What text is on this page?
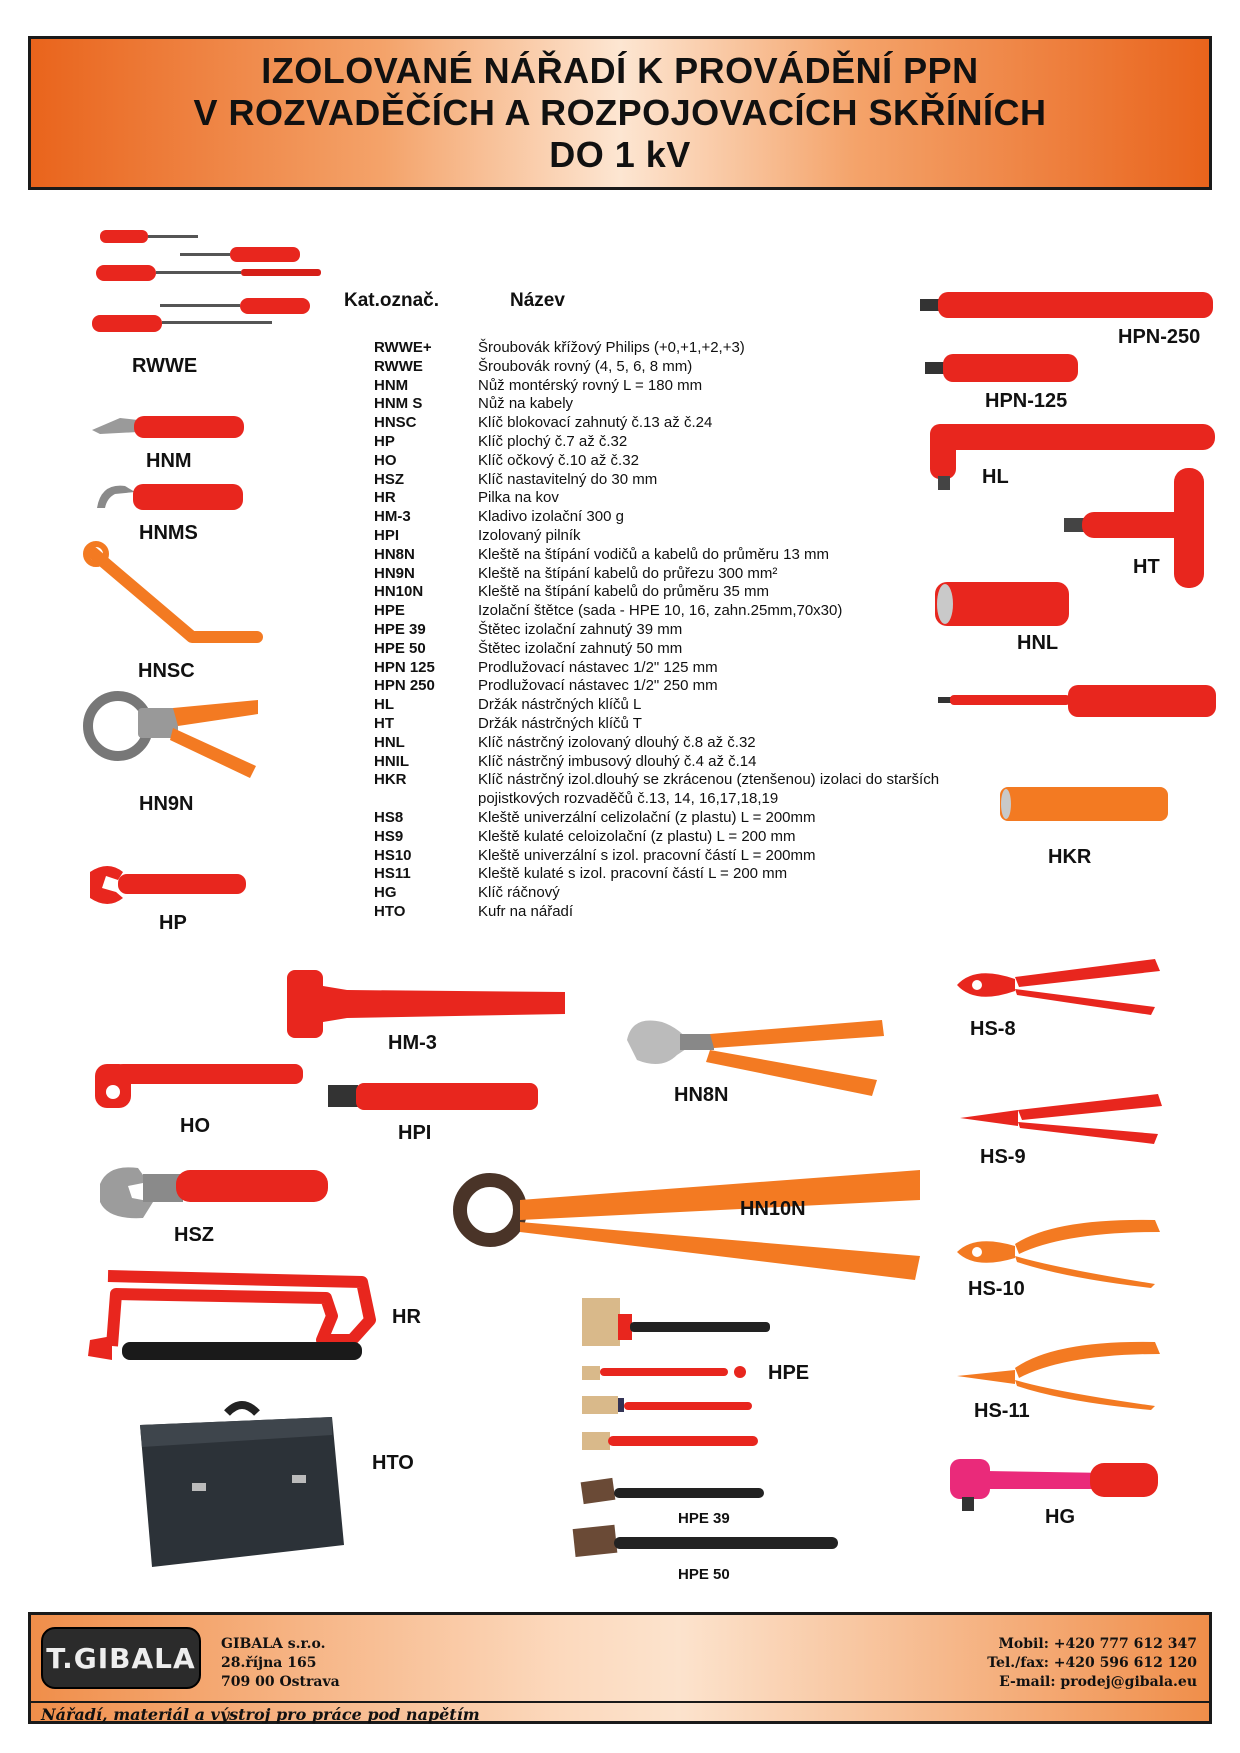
IZOLOVANÉ NÁŘADÍ K PROVÁDĚNÍ PPN
V ROZVADĚČÍCH A ROZPOJOVACÍCH SKŘÍNÍCH
DO 1 kV
Kat.označ.	Název
RWWE+	Šroubovák křížový Philips (+0,+1,+2,+3)
RWWE	Šroubovák rovný (4, 5, 6, 8 mm)
HNM	Nůž montérský rovný L = 180 mm
HNM S	Nůž na kabely
HNSC	Klíč blokovací zahnutý č.13 až č.24
HP	Klíč plochý č.7 až č.32
HO	Klíč očkový č.10 až č.32
HSZ	Klíč nastavitelný do 30 mm
HR	Pilka na kov
HM-3	Kladivo izolační 300 g
HPI	Izolovaný pilník
HN8N	Kleště na štípání vodičů a kabelů do průměru 13 mm
HN9N	Kleště na štípání kabelů do průřezu 300 mm²
HN10N	Kleště na štípání kabelů do průměru 35 mm
HPE	Izolační štětce (sada - HPE 10, 16, zahn.25mm,70x30)
HPE 39	Štětec izolační zahnutý 39 mm
HPE 50	Štětec izolační zahnutý 50 mm
HPN 125	Prodlužovací nástavec 1/2" 125 mm
HPN 250	Prodlužovací nástavec 1/2" 250 mm
HL	Držák nástrčných klíčů L
HT	Držák nástrčných klíčů T
HNL	Klíč nástrčný izolovaný dlouhý č.8 až č.32
HNIL	Klíč nástrčný imbusový dlouhý č.4 až č.14
HKR	Klíč nástrčný izol.dlouhý se zkrácenou (ztenšenou) izolaci do starších
pojistkových rozvaděčů č.13, 14, 16,17,18,19
HS8	Kleště univerzální celizolační (z plastu) L = 200mm
HS9	Kleště kulaté celoizolační (z plastu) L = 200 mm
HS10	Kleště univerzální s izol. pracovní částí L = 200mm
HS11	Kleště kulaté s izol. pracovní částí L = 200 mm
HG	Klíč ráčnový
HTO	Kufr na nářadí
RWWE
HNM
HNMS
HNSC
HN9N
HP
HPN-250
HPN-125
HL
HT
HNL
HKR
HM-3
HO	HPI
HN8N
HSZ
HN10N
HR
HPE
HPE 39
HPE 50
HTO
HS-8
HS-9
HS-10
HS-11
HG
T.GIBALA GIBALA s.r.o.
28.října 165
709 00 Ostrava
Mobil: +420 777 612 347
Tel./fax: +420 596 612 120
E-mail: prodej@gibala.eu
Nářadí, materiál a výstroj pro práce pod napětím
